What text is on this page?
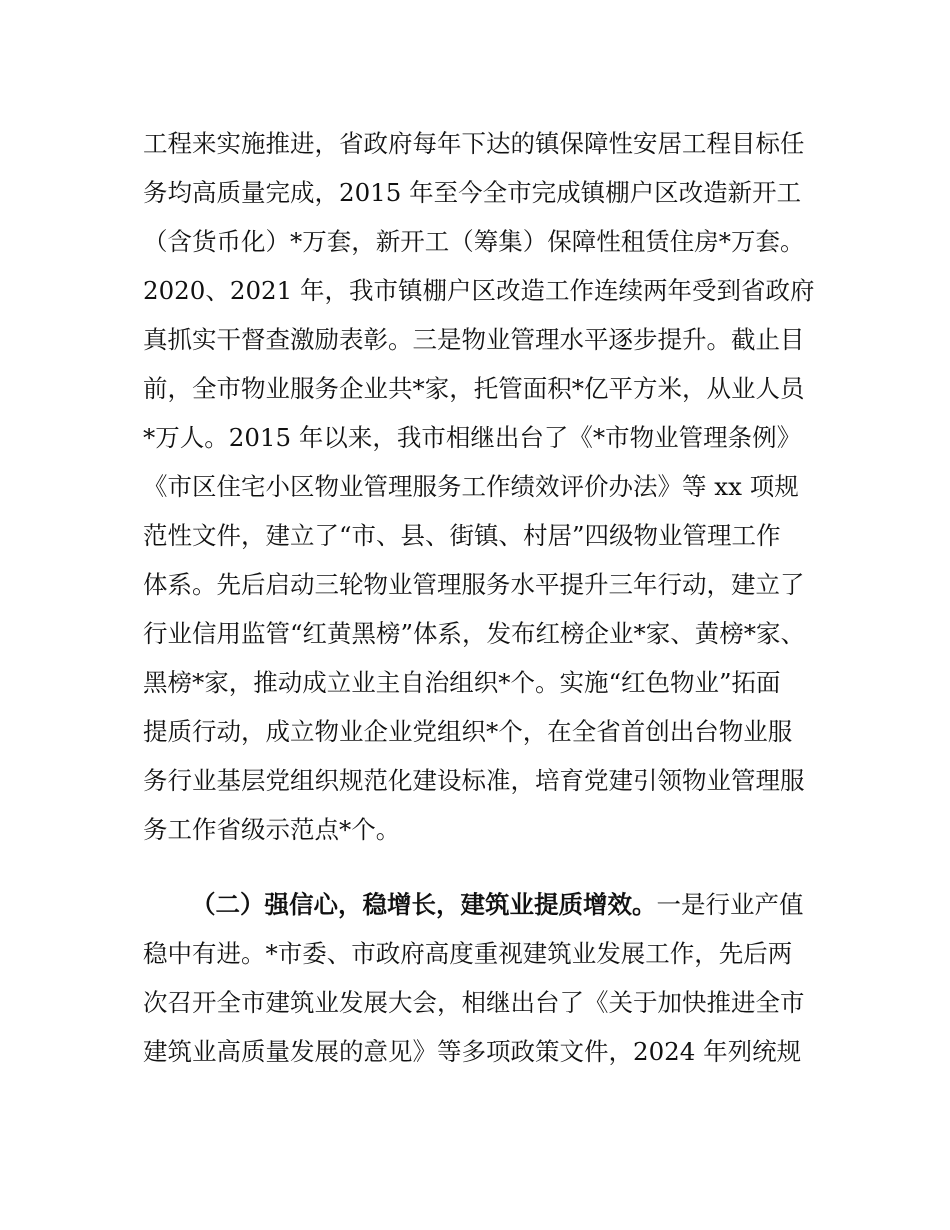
工程来实施推进，省政府每年下达的镇保障性安居工程目标任
务均高质量完成，2015 年至今全市完成镇棚户区改造新开工
（含货币化）*万套，新开工（筹集）保障性租赁住房*万套。
2020、2021 年，我市镇棚户区改造工作连续两年受到省政府
真抓实干督查激励表彰。三是物业管理水平逐步提升。截止目
前，全市物业服务企业共*家，托管面积*亿平方米，从业人员
*万人。2015 年以来，我市相继出台了《*市物业管理条例》
《市区住宅小区物业管理服务工作绩效评价办法》等 xx 项规
范性文件，建立了“市、县、街镇、村居”四级物业管理工作
体系。先后启动三轮物业管理服务水平提升三年行动，建立了
行业信用监管“红黄黑榜”体系，发布红榜企业*家、黄榜*家、
黑榜*家，推动成立业主自治组织*个。实施“红色物业”拓面
提质行动，成立物业企业党组织*个，在全省首创出台物业服
务行业基层党组织规范化建设标准，培育党建引领物业管理服
务工作省级示范点*个。
（二）强信心，稳增长，建筑业提质增效。一是行业产值
稳中有进。*市委、市政府高度重视建筑业发展工作，先后两
次召开全市建筑业发展大会，相继出台了《关于加快推进全市
建筑业高质量发展的意见》等多项政策文件，2024 年列统规
